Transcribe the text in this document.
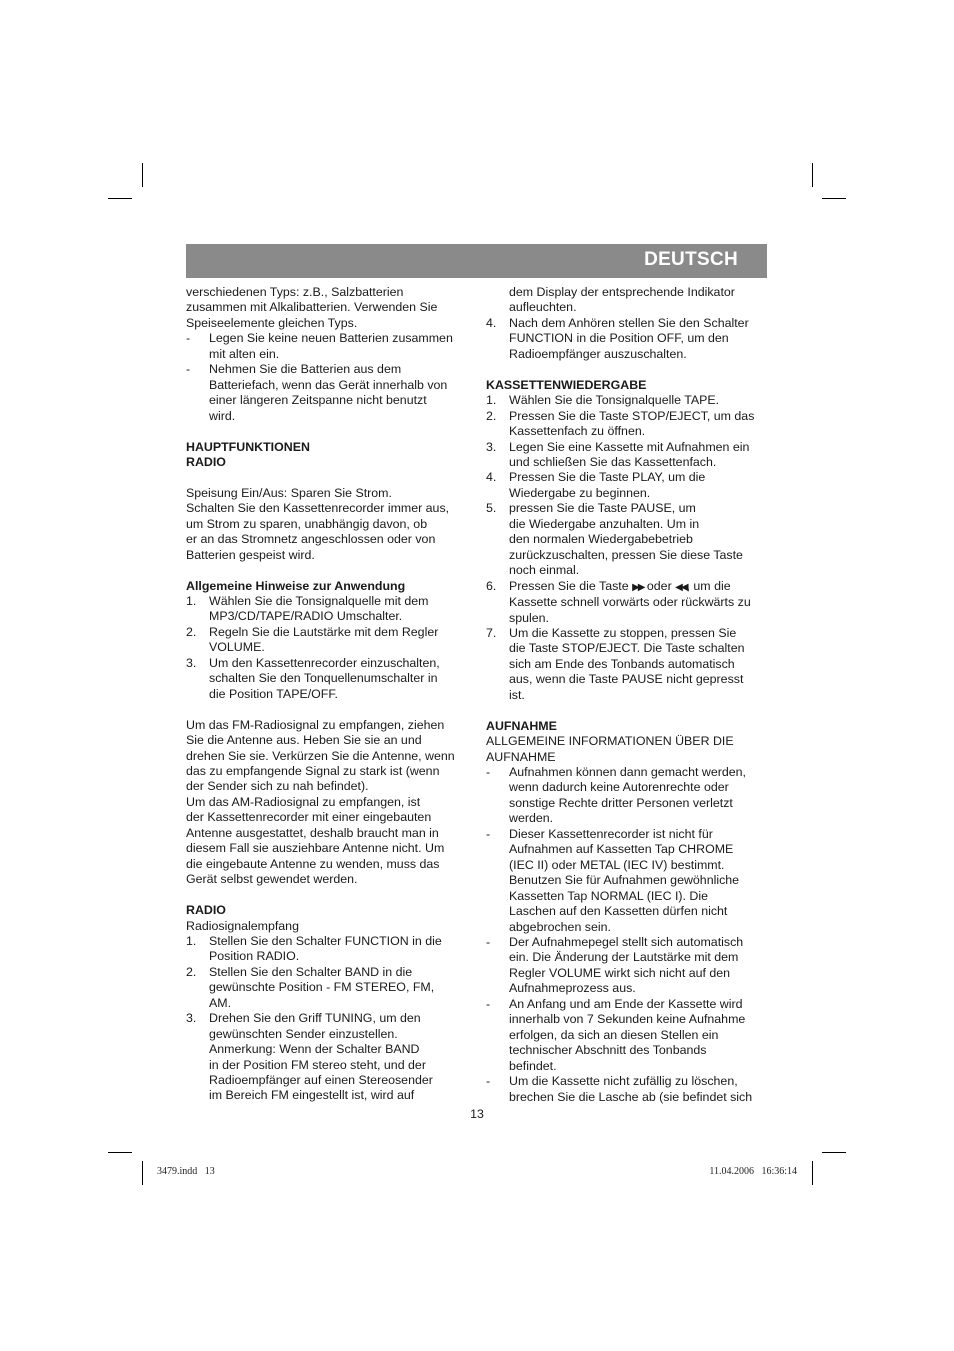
DEUTSCH

verschiedenen Typs: z.B., Salzbatterien

zusammen mit Alkalibatterien. Verwenden Sie

Speiseelemente gleichen Typs.

-	Legen Sie keine neuen Batterien zusammen

mit alten ein.

-	Nehmen Sie die Batterien aus dem

Batteriefach, wenn das Gerät innerhalb von

einer längeren Zeitspanne nicht benutzt

wird.

HAUPTFUNKTIONEN

RADIO

Speisung Ein/Aus: Sparen Sie Strom.

Schalten Sie den Kassettenrecorder immer aus,

um Strom zu sparen, unabhängig davon, ob

er an das Stromnetz angeschlossen oder von

Batterien gespeist wird.

Allgemeine Hinweise zur Anwendung

1.	Wählen Sie die Tonsignalquelle mit dem

MP3/CD/TAPE/RADIO Umschalter.

2.	Regeln Sie die Lautstärke mit dem Regler

VOLUME.

3.	Um den Kassettenrecorder einzuschalten,

schalten Sie den Tonquellenumschalter in

die Position TAPE/OFF.

Um das FM-Radiosignal zu empfangen, ziehen

Sie die Antenne aus. Heben Sie sie an und

drehen Sie sie. Verkürzen Sie die Antenne, wenn

das zu empfangende Signal zu stark ist (wenn

der Sender sich zu nah befindet).

Um das AM-Radiosignal zu empfangen, ist

der Kassettenrecorder mit einer eingebauten

Antenne ausgestattet, deshalb braucht man in

diesem Fall sie ausziehbare Antenne nicht. Um

die eingebaute Antenne zu wenden, muss das

Gerät selbst gewendet werden.

RADIO

Radiosignalempfang

1.	Stellen Sie den Schalter FUNCTION in die

Position RADIO.

2.	Stellen Sie den Schalter BAND in die

gewünschte Position - FM STEREO, FM,

AM.

3.	Drehen Sie den Griff TUNING, um den

gewünschten Sender einzustellen.

Anmerkung: Wenn der Schalter BAND

in der Position FM stereo steht, und der

Radioempfänger auf einen Stereosender

im Bereich FM eingestellt ist, wird auf

dem Display der entsprechende Indikator

aufleuchten.

4.	Nach dem Anhören stellen Sie den Schalter

FUNCTION in die Position OFF, um den

Radioempfänger auszuschalten.

KASSETTENWIEDERGABE

1.	Wählen Sie die Tonsignalquelle TAPE.

2.	Pressen Sie die Taste STOP/EJECT, um das

Kassettenfach zu öffnen.

3.	Legen Sie eine Kassette mit Aufnahmen ein

und schließen Sie das Kassettenfach.

4.	Pressen Sie die Taste PLAY, um die

Wiedergabe zu beginnen.

5.	pressen Sie die Taste PAUSE, um

die Wiedergabe anzuhalten. Um in

den normalen Wiedergabebetrieb

zurückzuschalten, pressen Sie diese Taste

noch einmal.

6.	Pressen Sie die Taste ▶▶ oder ◀◀, um die

Kassette schnell vorwärts oder rückwärts zu

spulen.

7.	Um die Kassette zu stoppen, pressen Sie

die Taste STOP/EJECT. Die Taste schalten

sich am Ende des Tonbands automatisch

aus, wenn die Taste PAUSE nicht gepresst

ist.

AUFNAHME

ALLGEMEINE INFORMATIONEN ÜBER DIE

AUFNAHME

-	Aufnahmen können dann gemacht werden,

wenn dadurch keine Autorenrechte oder

sonstige Rechte dritter Personen verletzt

werden.

-	Dieser Kassettenrecorder ist nicht für

Aufnahmen auf Kassetten Tap CHROME

(IEC II) oder METAL (IEC IV) bestimmt.

Benutzen Sie für Aufnahmen gewöhnliche

Kassetten Tap NORMAL (IEC I). Die

Laschen auf den Kassetten dürfen nicht

abgebrochen sein.

-	Der Aufnahmepegel stellt sich automatisch

ein. Die Änderung der Lautstärke mit dem

Regler VOLUME wirkt sich nicht auf den

Aufnahmeprozess aus.

-	An Anfang und am Ende der Kassette wird

innerhalb von 7 Sekunden keine Aufnahme

erfolgen, da sich an diesen Stellen ein

technischer Abschnitt des Tonbands

befindet.

-	Um die Kassette nicht zufällig zu löschen,

brechen Sie die Lasche ab (sie befindet sich

13
3479.indd   13	11.04.2006   16:36:14
